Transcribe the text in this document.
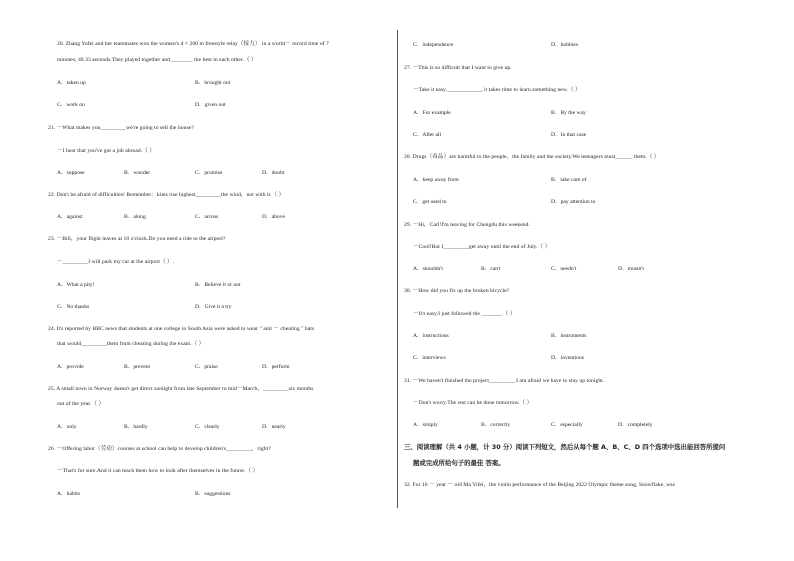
20. Zhang Yufei and her teammates won the women's 4 × 200 m freestyle relay（接力） in a world－ record time of 7
minutes, 40.33 seconds.They played together and________ the best in each other.（ ）
A．taken up	B．brought out
C．work on	D．given out
21. －What makes you_________we're going to sell the house?
－I hear that you've got a job abroad.（ ）
A．suppose	B．wonder	C．promise	D．doubt
22. Don't be afraid of difficulties! Remember：kites rise highest_________the wind，not with it.（ ）
A．against	B．along	C．across	D．above
23. －Bill，your flight leaves at 10 o'clock.Do you need a ride to the airport?
－_________I will park my car at the airport（ ）.
A．What a pity!	B．Believe it or not
C．No thanks	D．Give it a try
24. It's reported by BBC news that students at one college in South Asia were asked to wear " anti － cheating " hats
that would_________them from cheating during the exam.（ ）
A．provide	B．prevent	C．praise	D．perform
25. A small town in Norway doesn't get direct sunlight from late September to mid－March，_________six months
out of the year.（ ）
A．only	B．hardly	C．clearly	D．nearly
26. －Offering labor（劳动）courses at school can help to develop children's_________，right?
－That's for sure.And it can teach them how to look after themselves in the future.（ ）
A．habits	B．suggestions
C．independence	D．hobbies
27. －This is so difficult that I want to give up.
－Take it easy.____________, it takes time to learn something new.（ ）
A．For example	B．By the way
C．After all	D．In that case
28. Drugs（毒品）are harmful to the people，the family and the society.We teenagers must______ them.（ ）
A．keep away from	B．take care of
C．get used to	D．pay attention to
29. －Hi，Carl!I'm leaving for Chengdu this weekend.
－Cool!But I_________get away until the end of July.（ ）
A．shouldn't	B．can't	C．needn't	D．mustn't
30. －How did you fix up the broken bicycle?
－It's easy.I just followed the _______.（ ）
A．instructions	B．instruments
C．interviews	D．inventions
31. －We haven't finished the project_________.I am afraid we have to stay up tonight.
－Don't worry.The rest can be done tomorrow.（ ）
A．simply	B．correctly	C．especially	D．completely
三、阅读理解（共 4 小题，计 30 分）阅读下列短文，然后从每个题 A、B、C、D 四个选项中选出能回答所提问
题或完成所给句子的最佳 答案。
32. For 16 － year － old Ma Yifei，the violin performance of the Beijing 2022 Olympic theme song, Snowflake, was
